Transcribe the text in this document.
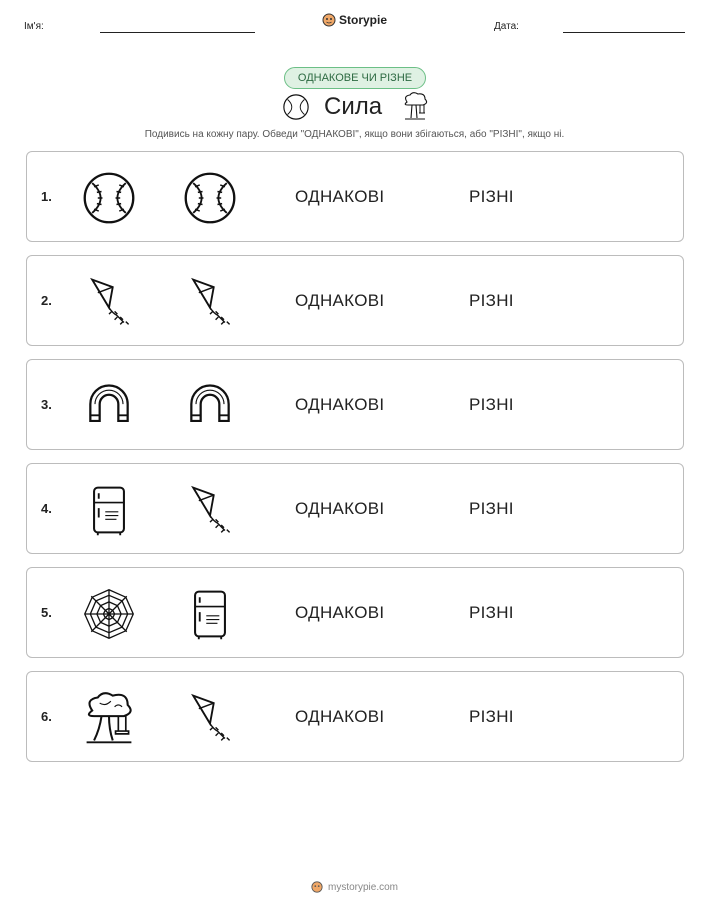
Ім'я:	Storypie	Дата:
ОДНАКОВЕ ЧИ РІЗНЕ
Сила
Подивись на кожну пару. Обведи "ОДНАКОВІ", якщо вони збігаються, або "РІЗНІ", якщо ні.
1.	ОДНАКОВІ	РІЗНІ
2.	ОДНАКОВІ	РІЗНІ
3.	ОДНАКОВІ	РІЗНІ
4.	ОДНАКОВІ	РІЗНІ
5.	ОДНАКОВІ	РІЗНІ
6.	ОДНАКОВІ	РІЗНІ
mystorypie.com
